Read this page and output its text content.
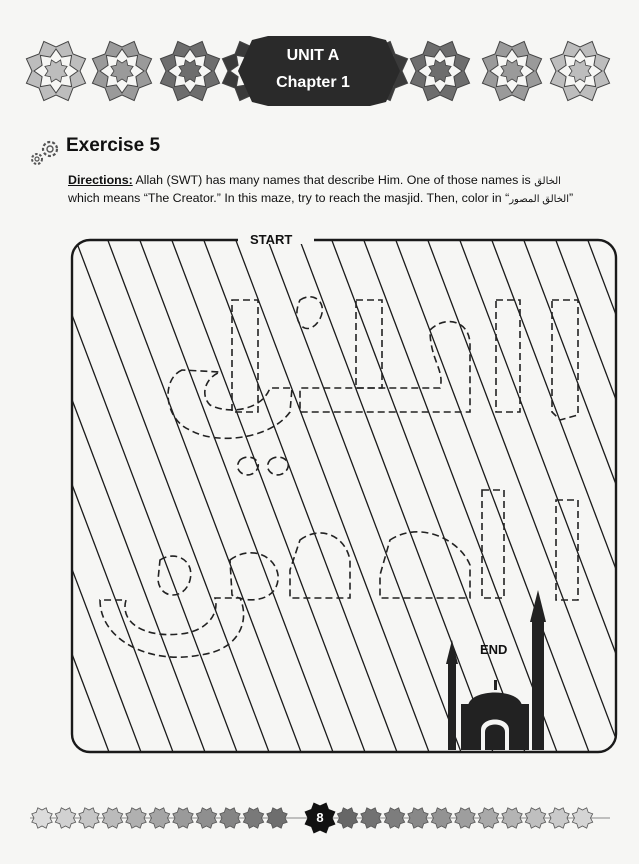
UNIT A
Chapter 1
Exercise 5
Directions: Allah (SWT) has many names that describe Him. One of those names is الخالق
which means “The Creator.” In this maze, try to reach the masjid. Then, color in “الخالق المصور”
START
END
8
